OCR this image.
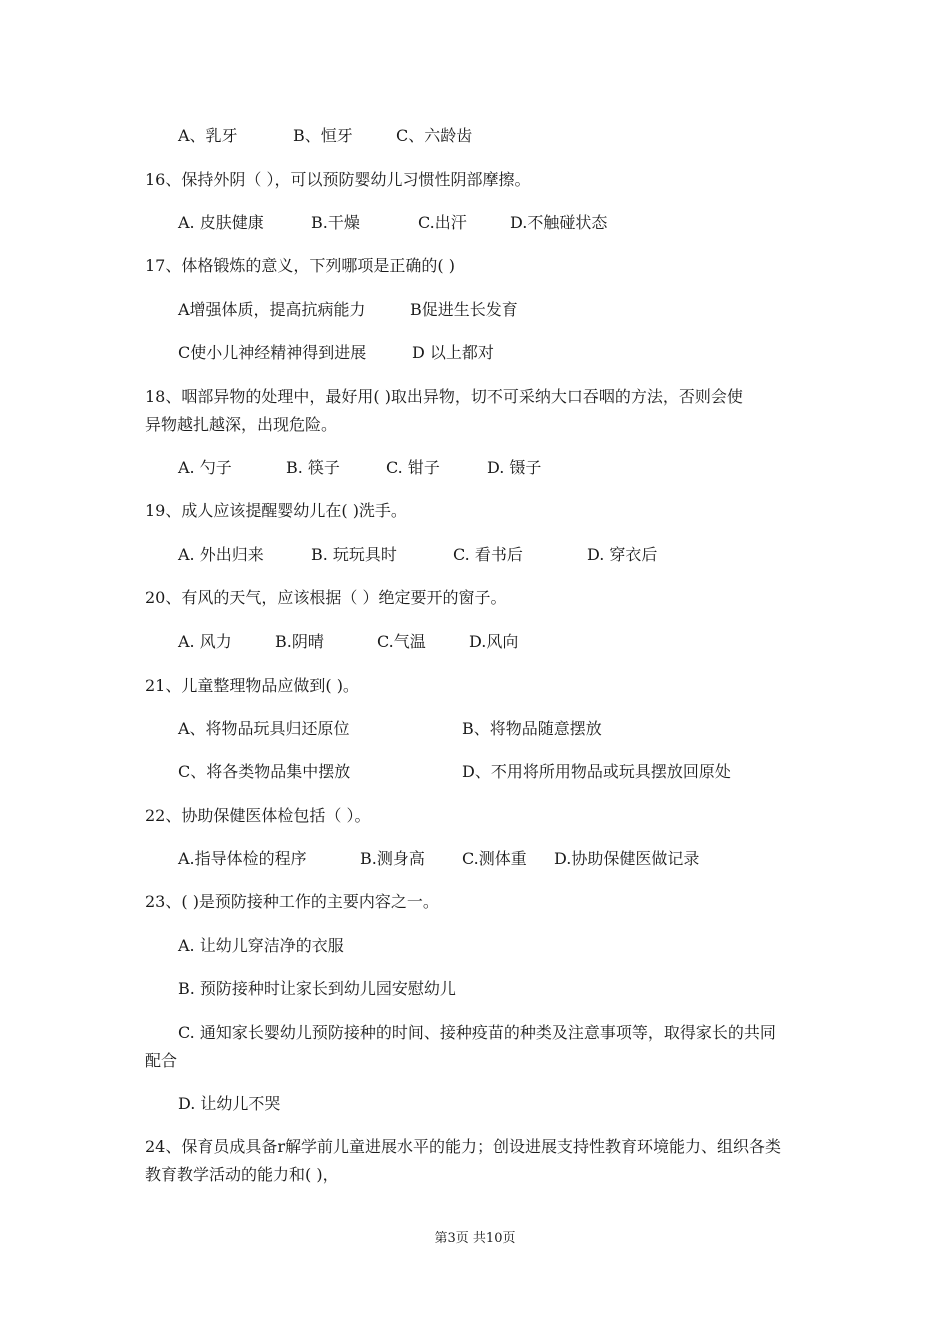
A、乳牙	B、恒牙	C、六龄齿
16、保持外阴（ ），可以预防婴幼儿习惯性阴部摩擦。
A. 皮肤健康	B.干燥	C.出汗	D.不触碰状态
17、体格锻炼的意义，下列哪项是正确的( )
A增强体质，提高抗病能力	B促进生长发育
C使小儿神经精神得到进展	D 以上都对
18、咽部异物的处理中，最好用( )取出异物，切不可采纳大口吞咽的方法，否则会使
异物越扎越深，出现危险。
A. 勺子	B. 筷子	C. 钳子	D. 镊子
19、成人应该提醒婴幼儿在( )洗手。
A. 外出归来	B. 玩玩具时	C. 看书后	D. 穿衣后
20、有风的天气，应该根据（ ）绝定要开的窗子。
A. 风力	B.阴晴	C.气温	D.风向
21、儿童整理物品应做到( )。
A、将物品玩具归还原位	B、将物品随意摆放
C、将各类物品集中摆放	D、不用将所用物品或玩具摆放回原处
22、协助保健医体检包括（ ）。
A.指导体检的程序	B.测身高 C.测体重 D.协助保健医做记录
23、( )是预防接种工作的主要内容之一。
A. 让幼儿穿洁净的衣服
B. 预防接种时让家长到幼儿园安慰幼儿
C. 通知家长婴幼儿预防接种的时间、接种疫苗的种类及注意事项等，取得家长的共同
配合
D. 让幼儿不哭
24、保育员成具备r解学前儿童进展水平的能力；创设进展支持性教育环境能力、组织各类
教育教学活动的能力和( )，
第3页 共10页
